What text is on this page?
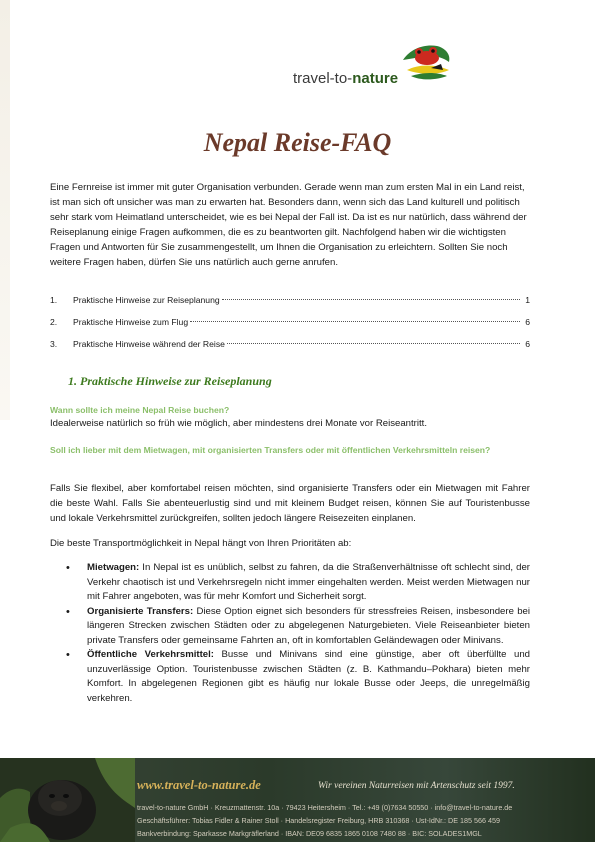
travel-to-nature
Nepal Reise-FAQ

Eine Fernreise ist immer mit guter Organisation verbunden. Gerade wenn man zum ersten Mal in ein Land reist, ist man sich oft unsicher was man zu erwarten hat. Besonders dann, wenn sich das Land kulturell und politisch sehr stark vom Heimatland unterscheidet, wie es bei Nepal der Fall ist. Da ist es nur natürlich, dass während der Reiseplanung einige Fragen aufkommen, die es zu beantworten gilt. Nachfolgend haben wir die wichtigsten Fragen und Antworten für Sie zusammengestellt, um Ihnen die Organisation zu erleichtern. Sollten Sie noch weitere Fragen haben, dürfen Sie uns natürlich auch gerne anrufen.

1.	Praktische Hinweise zur Reiseplanung	1
2.	Praktische Hinweise zum Flug	6
3.	Praktische Hinweise während der Reise	6
1. Praktische Hinweise zur Reiseplanung

Wann sollte ich meine Nepal Reise buchen?

Idealerweise natürlich so früh wie möglich, aber mindestens drei Monate vor Reiseantritt.

Soll ich lieber mit dem Mietwagen, mit organisierten Transfers oder mit öffentlichen Verkehrsmitteln reisen?

Falls Sie flexibel, aber komfortabel reisen möchten, sind organisierte Transfers oder ein Mietwagen mit Fahrer die beste Wahl. Falls Sie abenteuerlustig sind und mit kleinem Budget reisen, können Sie auf Touristenbusse und lokale Verkehrsmittel zurückgreifen, sollten jedoch längere Reisezeiten einplanen.

Die beste Transportmöglichkeit in Nepal hängt von Ihren Prioritäten ab:

• Mietwagen: In Nepal ist es unüblich, selbst zu fahren, da die Straßenverhältnisse oft schlecht sind, der Verkehr chaotisch ist und Verkehrsregeln nicht immer eingehalten werden. Meist werden Mietwagen nur mit Fahrer angeboten, was für mehr Komfort und Sicherheit sorgt.
• Organisierte Transfers: Diese Option eignet sich besonders für stressfreies Reisen, insbesondere bei längeren Strecken zwischen Städten oder zu abgelegenen Naturgebieten. Viele Reiseanbieter bieten private Transfers oder gemeinsame Fahrten an, oft in komfortablen Geländewagen oder Minivans.
• Öffentliche Verkehrsmittel: Busse und Minivans sind eine günstige, aber oft überfüllte und unzuverlässige Option. Touristenbusse zwischen Städten (z. B. Kathmandu–Pokhara) bieten mehr Komfort. In abgelegenen Regionen gibt es häufig nur lokale Busse oder Jeeps, die unregelmäßig verkehren.
www.travel-to-nature.de	Wir vereinen Naturreisen mit Artenschutz seit 1997.
travel-to-nature GmbH · Kreuzmattenstr. 10a · 79423 Heitersheim · Tel.: +49 (0)7634 50550 · info@travel-to-nature.de
Geschäftsführer: Tobias Fidler & Rainer Stoll · Handelsregister Freiburg, HRB 310368 · Ust-IdNr.: DE 185 566 459
Bankverbindung: Sparkasse Markgräflerland · IBAN: DE09 6835 1865 0108 7480 88 · BIC: SOLADES1MGL
